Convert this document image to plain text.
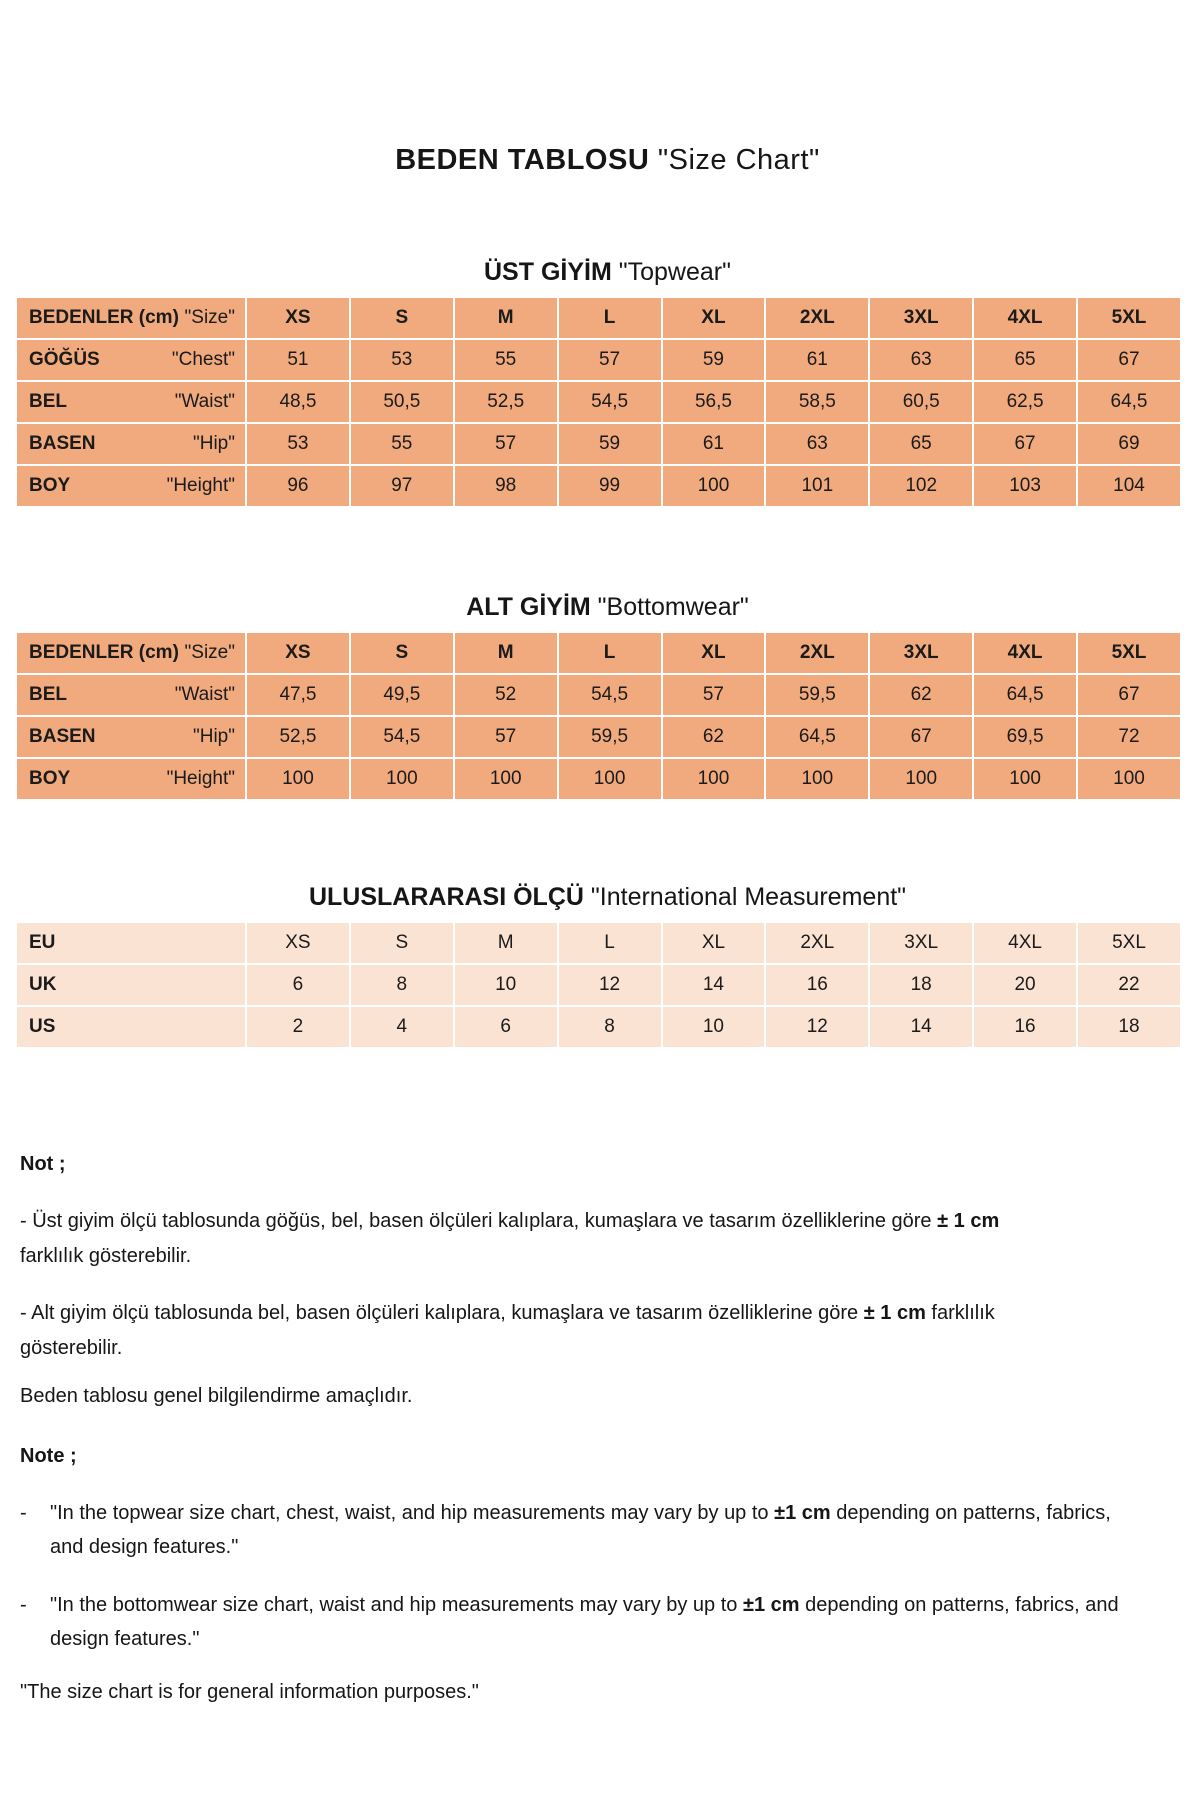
BEDEN TABLOSU "Size Chart"
ÜST GİYİM "Topwear"
BEDENLER (cm) "Size"	XS	S	M	L	XL	2XL	3XL	4XL	5XL

GÖĞÜS "Chest"	51	53	55	57	59	61	63	65	67

BEL "Waist"	48,5	50,5	52,5	54,5	56,5	58,5	60,5	62,5	64,5

BASEN "Hip"	53	55	57	59	61	63	65	67	69

BOY "Height"	96	97	98	99	100	101	102	103	104
ALT GİYİM "Bottomwear"
BEDENLER (cm) "Size"	XS	S	M	L	XL	2XL	3XL	4XL	5XL

BEL "Waist"	47,5	49,5	52	54,5	57	59,5	62	64,5	67

BASEN "Hip"	52,5	54,5	57	59,5	62	64,5	67	69,5	72

BOY "Height"	100	100	100	100	100	100	100	100	100
ULUSLARARASI ÖLÇÜ "International Measurement"
EU	XS	S	M	L	XL	2XL	3XL	4XL	5XL

UK	6	8	10	12	14	16	18	20	22

US	2	4	6	8	10	12	14	16	18

Not ;

- Üst giyim ölçü tablosunda göğüs, bel, basen ölçüleri kalıplara, kumaşlara ve tasarım özelliklerine göre ± 1 cm farklılık gösterebilir.

- Alt giyim ölçü tablosunda bel, basen ölçüleri kalıplara, kumaşlara ve tasarım özelliklerine göre ± 1 cm farklılık gösterebilir.

Beden tablosu genel bilgilendirme amaçlıdır.

Note ;

-	"In the topwear size chart, chest, waist, and hip measurements may vary by up to ±1 cm depending on patterns, fabrics, and design features."
-	"In the bottomwear size chart, waist and hip measurements may vary by up to ±1 cm depending on patterns, fabrics, and design features."

"The size chart is for general information purposes."
